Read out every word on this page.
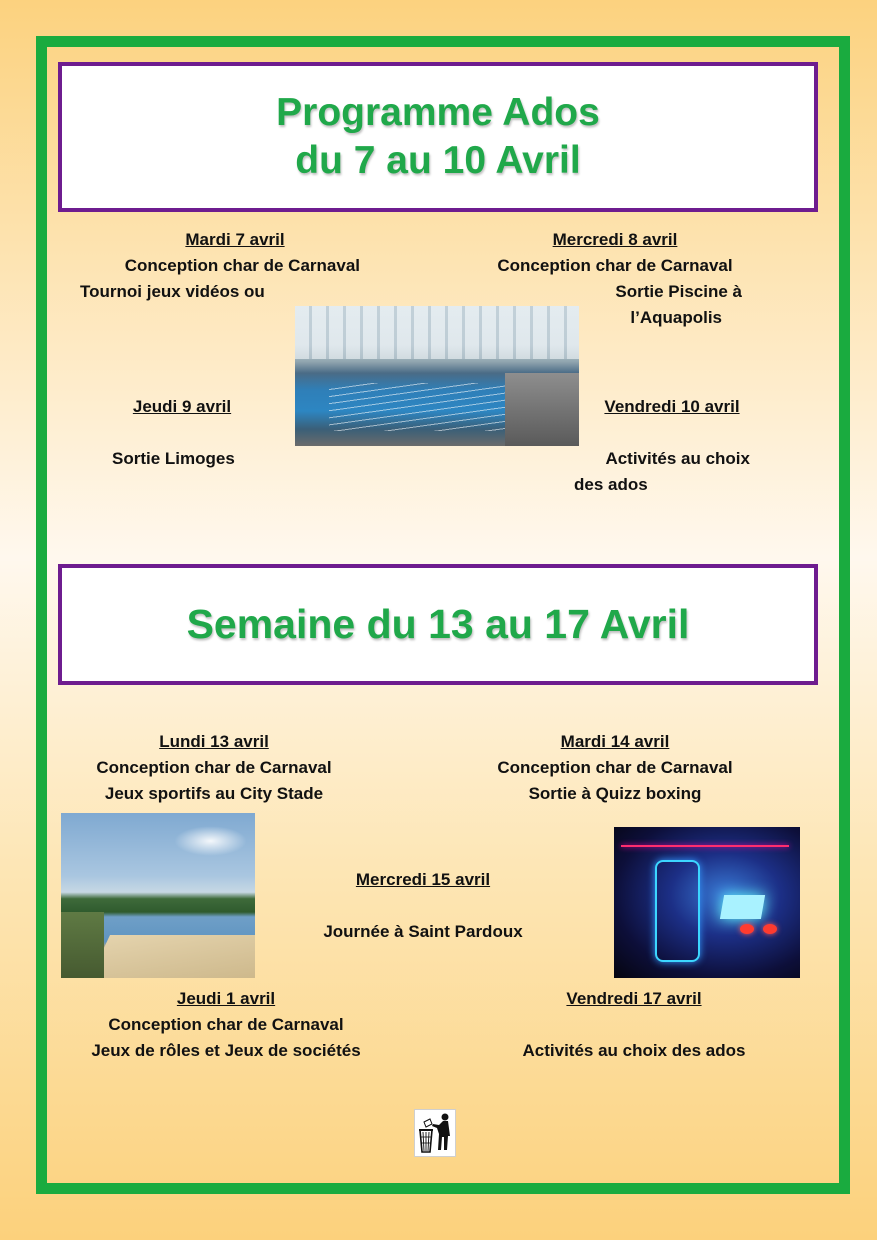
Programme Ados
du 7 au 10 Avril
Mardi 7 avril
Conception char de Carnaval
Tournoi jeux vidéos ou
Mercredi 8 avril
Conception char de Carnaval
Sortie Piscine à
l’Aquapolis
Jeudi 9 avril
Sortie Limoges
Vendredi 10 avril
Activités au choix
des ados
Semaine du 13 au 17 Avril
Lundi 13 avril
Conception char de Carnaval
Jeux sportifs au City Stade
Mardi 14 avril
Conception char de Carnaval
Sortie à Quizz boxing
Mercredi 15 avril
Journée à Saint Pardoux
Jeudi 1 avril
Conception char de Carnaval
Jeux de rôles et Jeux de sociétés
Vendredi 17 avril
Activités au choix des ados
